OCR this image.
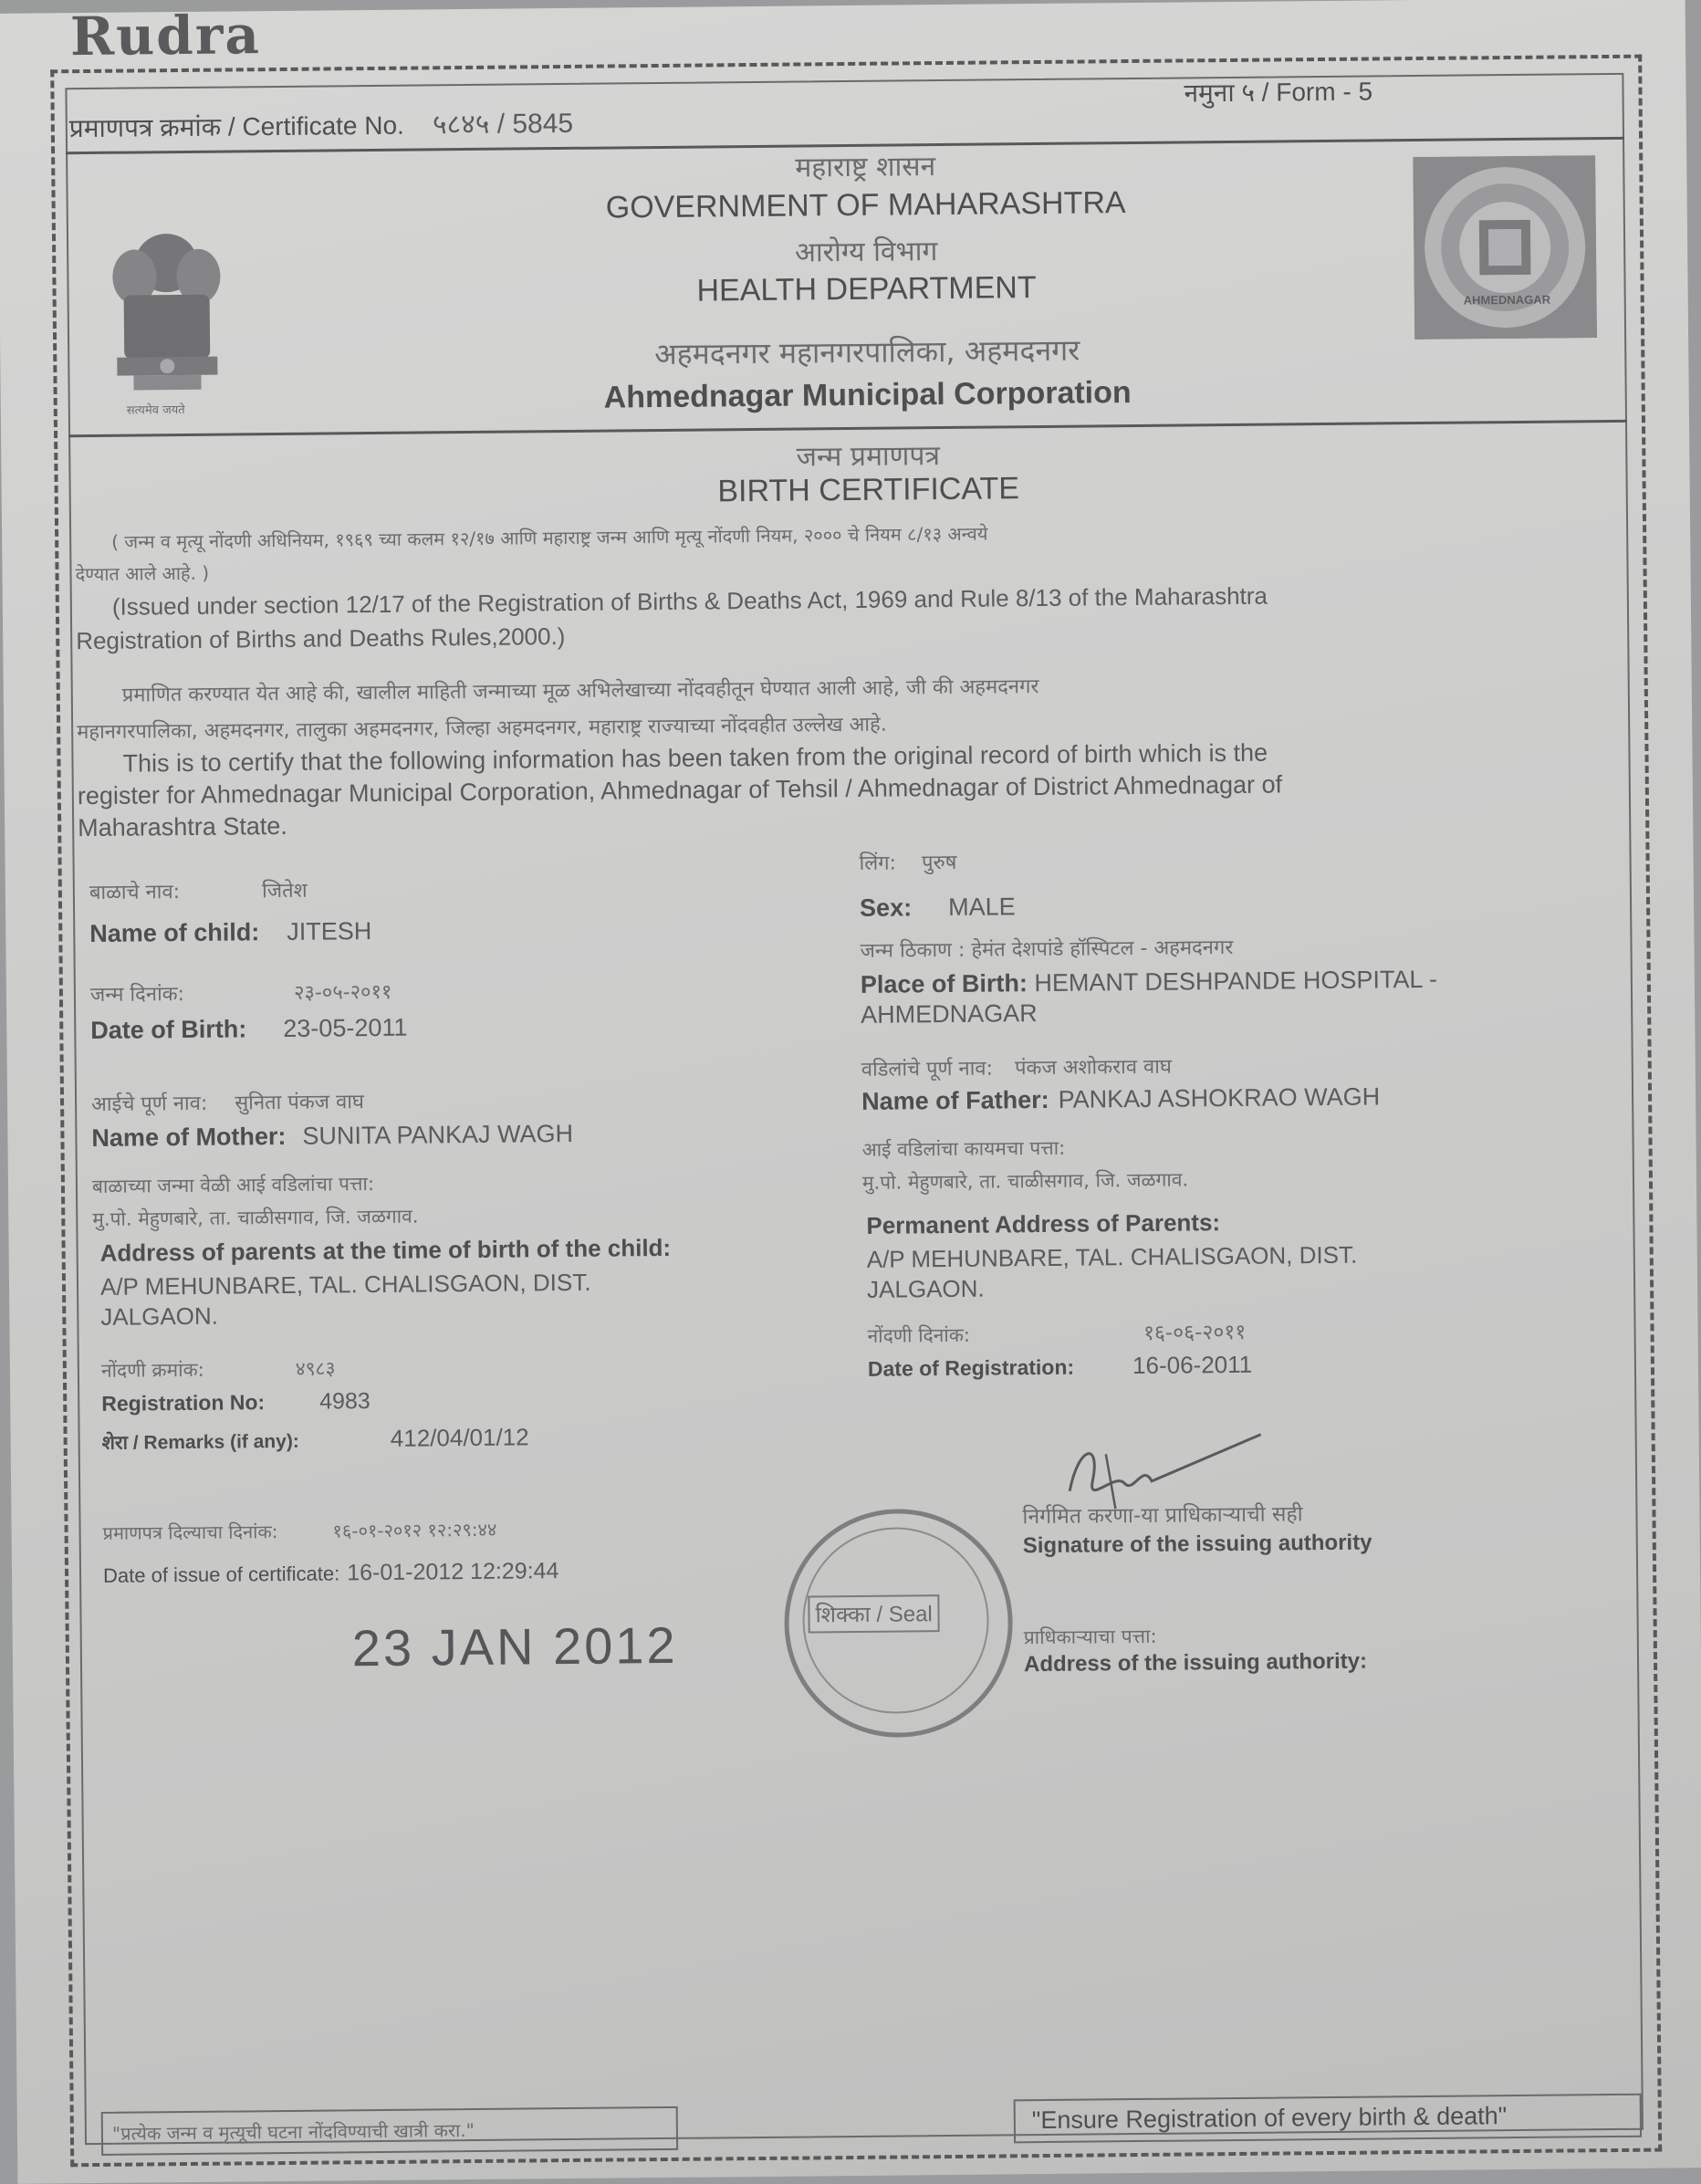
Rudra
प्रमाणपत्र क्रमांक / Certificate No. ५८४५ / 5845
नमुना ५ / Form - 5
सत्यमेव जयते
AHMEDNAGAR
महाराष्ट्र शासन
GOVERNMENT OF MAHARASHTRA
आरोग्य विभाग
HEALTH DEPARTMENT
अहमदनगर महानगरपालिका, अहमदनगर
Ahmednagar Municipal Corporation
जन्म प्रमाणपत्र
BIRTH CERTIFICATE
( जन्म व मृत्यू नोंदणी अधिनियम, १९६९ च्या कलम १२/१७ आणि महाराष्ट्र जन्म आणि मृत्यू नोंदणी नियम, २००० चे नियम ८/१३ अन्वये
देण्यात आले आहे. )
(Issued under section 12/17 of the Registration of Births & Deaths Act, 1969 and Rule 8/13 of the Maharashtra
Registration of Births and Deaths Rules,2000.)
प्रमाणित करण्यात येत आहे की, खालील माहिती जन्माच्या मूळ अभिलेखाच्या नोंदवहीतून घेण्यात आली आहे, जी की अहमदनगर
महानगरपालिका, अहमदनगर, तालुका अहमदनगर, जिल्हा अहमदनगर, महाराष्ट्र राज्याच्या नोंदवहीत उल्लेख आहे.
This is to certify that the following information has been taken from the original record of birth which is the
register for Ahmednagar Municipal Corporation, Ahmednagar of Tehsil / Ahmednagar of District Ahmednagar of
Maharashtra State.
बाळाचे नाव:	जितेश
Name of child: JITESH
जन्म दिनांक:	२३-०५-२०११
Date of Birth: 23-05-2011
आईचे पूर्ण नाव: सुनिता पंकज वाघ
Name of Mother: SUNITA PANKAJ WAGH
बाळाच्या जन्मा वेळी आई वडिलांचा पत्ता:
मु.पो. मेहुणबारे, ता. चाळीसगाव, जि. जळगाव.
Address of parents at the time of birth of the child:
A/P MEHUNBARE, TAL. CHALISGAON, DIST.
JALGAON.
नोंदणी क्रमांक:	४९८३
Registration No: 4983
शेरा / Remarks (if any):	412/04/01/12
प्रमाणपत्र दिल्याचा दिनांक:	१६-०१-२०१२ १२:२९:४४
Date of issue of certificate: 16-01-2012 12:29:44
23 JAN 2012
लिंग: पुरुष
Sex: MALE
जन्म ठिकाण : हेमंत देशपांडे हॉस्पिटल - अहमदनगर
Place of Birth: HEMANT DESHPANDE HOSPITAL -
AHMEDNAGAR
वडिलांचे पूर्ण नाव: पंकज अशोकराव वाघ
Name of Father: PANKAJ ASHOKRAO WAGH
आई वडिलांचा कायमचा पत्ता:
मु.पो. मेहुणबारे, ता. चाळीसगाव, जि. जळगाव.
Permanent Address of Parents:
A/P MEHUNBARE, TAL. CHALISGAON, DIST.
JALGAON.
नोंदणी दिनांक:	१६-०६-२०११
Date of Registration: 16-06-2011
निर्गमित करणा-या प्राधिकाऱ्याची सही
Signature of the issuing authority
प्राधिकाऱ्याचा पत्ता:
Address of the issuing authority:
शिक्का / Seal
"प्रत्येक जन्म व मृत्यूची घटना नोंदविण्याची खात्री करा."	"Ensure Registration of every birth & death"
